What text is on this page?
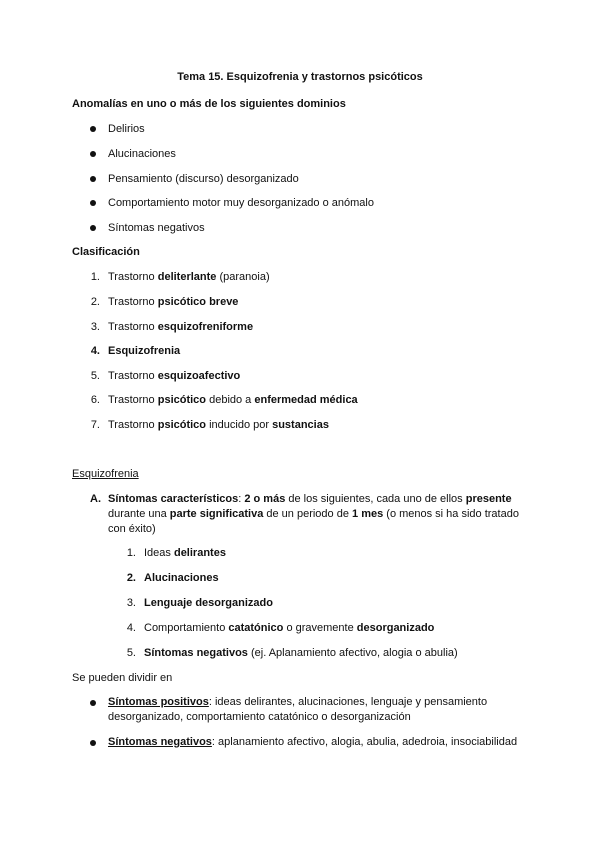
Tema 15. Esquizofrenia y trastornos psicóticos
Anomalías en uno o más de los siguientes dominios
Delirios
Alucinaciones
Pensamiento (discurso) desorganizado
Comportamiento motor muy desorganizado o anómalo
Síntomas negativos
Clasificación
1. Trastorno deliterlante (paranoia)
2. Trastorno psicótico breve
3. Trastorno esquizofreniforme
4. Esquizofrenia
5. Trastorno esquizoafectivo
6. Trastorno psicótico debido a enfermedad médica
7. Trastorno psicótico inducido por sustancias
Esquizofrenia
A. Síntomas característicos: 2 o más de los siguientes, cada uno de ellos presente
durante una parte significativa de un periodo de 1 mes (o menos si ha sido tratado
con éxito)
1. Ideas delirantes
2. Alucinaciones
3. Lenguaje desorganizado
4. Comportamiento catatónico o gravemente desorganizado
5. Síntomas negativos (ej. Aplanamiento afectivo, alogia o abulia)
Se pueden dividir en
Síntomas positivos: ideas delirantes, alucinaciones, lenguaje y pensamiento
desorganizado, comportamiento catatónico o desorganización
Síntomas negativos: aplanamiento afectivo, alogia, abulia, adedroia, insociabilidad
